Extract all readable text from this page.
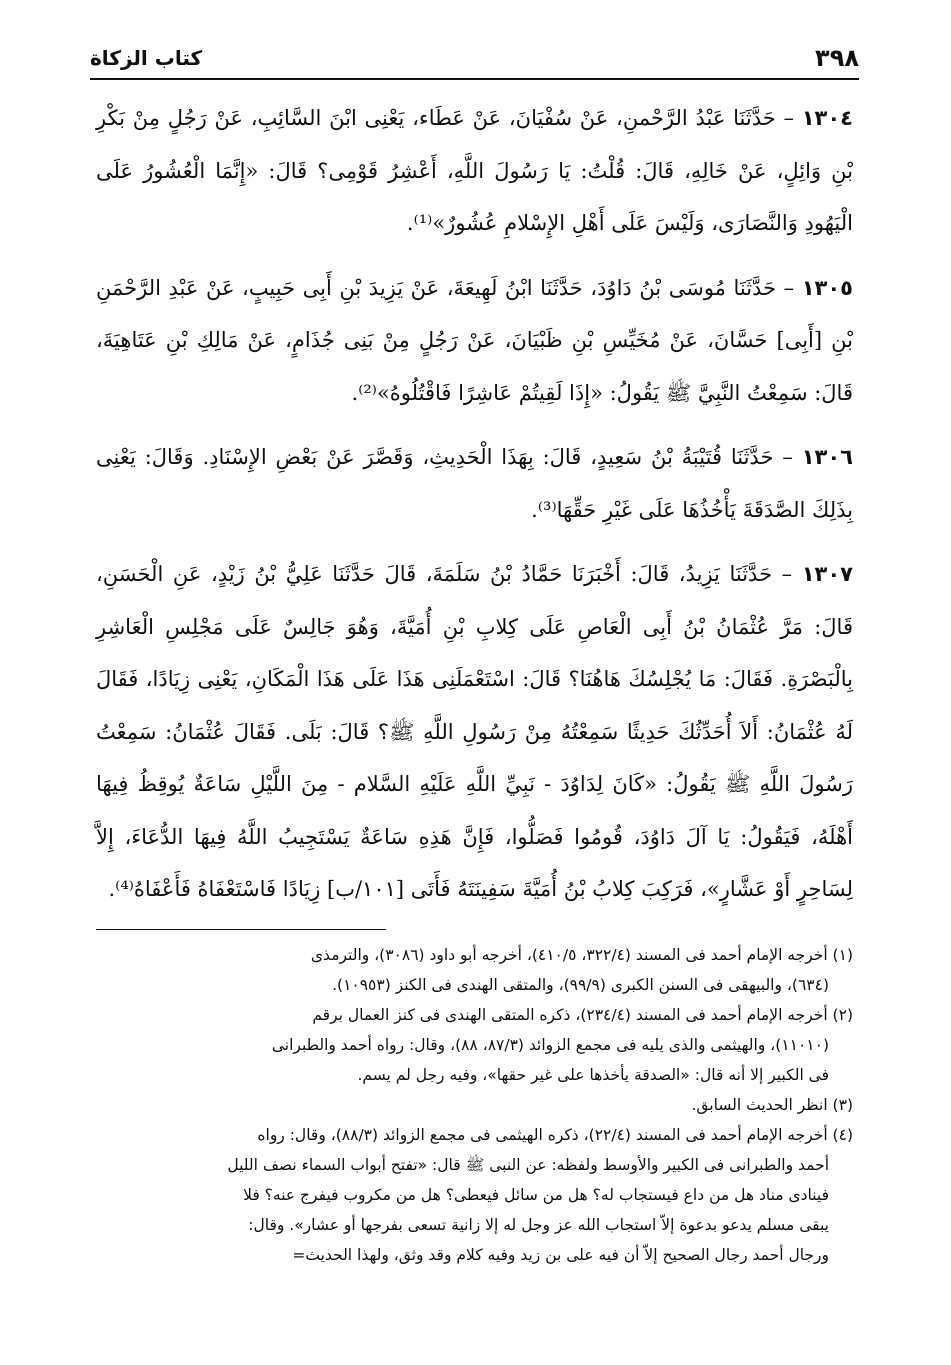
٣٩٨
كتاب الزكاة

١٣٠٤ – حَدَّثَنَا عَبْدُ الرَّحْمنِ، عَنْ سُفْيَانَ، عَنْ عَطَاء، يَعْنِى ابْنَ السَّائِبِ، عَنْ رَجُلٍ مِنْ بَكْرِ بْنِ وَائِلٍ، عَنْ خَالِهِ، قَالَ: قُلْتُ: يَا رَسُولَ اللَّهِ، أَعْشِرُ قَوْمِى؟ قَالَ: «إِنَّمَا الْعُشُورُ عَلَى الْيَهُودِ وَالنَّصَارَى، وَلَيْسَ عَلَى أَهْلِ الإِسْلامِ عُشُورٌ»⁽¹⁾.

١٣٠٥ – حَدَّثَنَا مُوسَى بْنُ دَاوُدَ، حَدَّثَنَا ابْنُ لَهِيعَةَ، عَنْ يَزِيدَ بْنِ أَبِى حَبِيبٍ، عَنْ عَبْدِ الرَّحْمَنِ بْنِ [أَبِى] حَسَّانَ، عَنْ مُخَيِّسِ بْنِ ظَبْيَانَ، عَنْ رَجُلٍ مِنْ بَنِى جُذَامٍ، عَنْ مَالِكِ بْنِ عَتَاهِيَةَ، قَالَ: سَمِعْتُ النَّبِيَّ ﷺ يَقُولُ: «إِذَا لَقِيتُمْ عَاشِرًا فَاقْتُلُوهُ»⁽²⁾.

١٣٠٦ – حَدَّثَنَا قُتَيْبَةُ بْنُ سَعِيدٍ، قَالَ: بِهَذَا الْحَدِيثِ، وَقَصَّرَ عَنْ بَعْضِ الإِسْنَادِ. وَقَالَ: يَعْنِى بِذَلِكَ الصَّدَقَةَ يَأْخُذُهَا عَلَى غَيْرِ حَقِّهَا⁽³⁾.

١٣٠٧ – حَدَّثَنَا يَزِيدُ، قَالَ: أَخْبَرَنَا حَمَّادُ بْنُ سَلَمَةَ، قَالَ حَدَّثَنَا عَلِيُّ بْنُ زَيْدٍ، عَنِ الْحَسَنِ، قَالَ: مَرَّ عُثْمَانُ بْنُ أَبِى الْعَاصِ عَلَى كِلابِ بْنِ أُمَيَّةَ، وَهُوَ جَالِسٌ عَلَى مَجْلِسِ الْعَاشِرِ بِالْبَصْرَةِ. فَقَالَ: مَا يُجْلِسُكَ هَاهُنَا؟ قَالَ: اسْتَعْمَلَنِى هَذَا عَلَى هَذَا الْمَكَانِ، يَعْنِى زِيَادًا، فَقَالَ لَهُ عُثْمَانُ: أَلاَ أُحَدِّثُكَ حَدِيثًا سَمِعْتُهُ مِنْ رَسُولِ اللَّهِ ﷺ؟ قَالَ: بَلَى. فَقَالَ عُثْمَانُ: سَمِعْتُ رَسُولَ اللَّهِ ﷺ يَقُولُ: «كَانَ لِدَاوُدَ - نَبِيِّ اللَّهِ عَلَيْهِ السَّلام - مِنَ اللَّيْلِ سَاعَةٌ يُوقِظُ فِيهَا أَهْلَهُ، فَيَقُولُ: يَا آلَ دَاوُدَ، قُومُوا فَصَلُّوا، فَإِنَّ هَذِهِ سَاعَةٌ يَسْتَجِيبُ اللَّهُ فِيهَا الدُّعَاءَ، إِلاَّ لِسَاحِرٍ أَوْ عَشَّارٍ»، فَرَكِبَ كِلابُ بْنُ أُمَيَّةَ سَفِينَتَهُ فَأَتَى [١٠١/ب] زِيَادًا فَاسْتَعْفَاهُ فَأَعْفَاهُ⁽⁴⁾.

(١) أخرجه الإمام أحمد فى المسند (٣٢٢/٤، ٤١٠/٥)، أخرجه أبو داود (٣٠٨٦)، والترمذى

(٦٣٤)، والبيهقى فى السنن الكبرى (٩٩/٩)، والمتقى الهندى فى الكنز (١٠٩٥٣).

(٢) أخرجه الإمام أحمد فى المسند (٢٣٤/٤)، ذكره المتقى الهندى فى كنز العمال برقم

(١١٠١٠)، والهيثمى والذى يليه فى مجمع الزوائد (٨٧/٣، ٨٨)، وقال: رواه أحمد والطبرانى

فى الكبير إلا أنه قال: «الصدقة يأخذها على غير حقها»، وفيه رجل لم يسم.

(٣) انظر الحديث السابق.

(٤) أخرجه الإمام أحمد فى المسند (٢٢/٤)، ذكره الهيثمى فى مجمع الزوائد (٨٨/٣)، وقال: رواه

أحمد والطبرانى فى الكبير والأوسط ولفظه: عن النبى ﷺ قال: «تفتح أبواب السماء نصف الليل

فينادى مناد هل من داع فيستجاب له؟ هل من سائل فيعطى؟ هل من مكروب فيفرج عنه؟ فلا

يبقى مسلم يدعو بدعوة إلاّ استجاب الله عز وجل له إلا زانية تسعى بفرجها أو عشار». وقال:

ورجال أحمد رجال الصحيح إلاّ أن فيه على بن زيد وفيه كلام وقد وثق، ولهذا الحديث=
